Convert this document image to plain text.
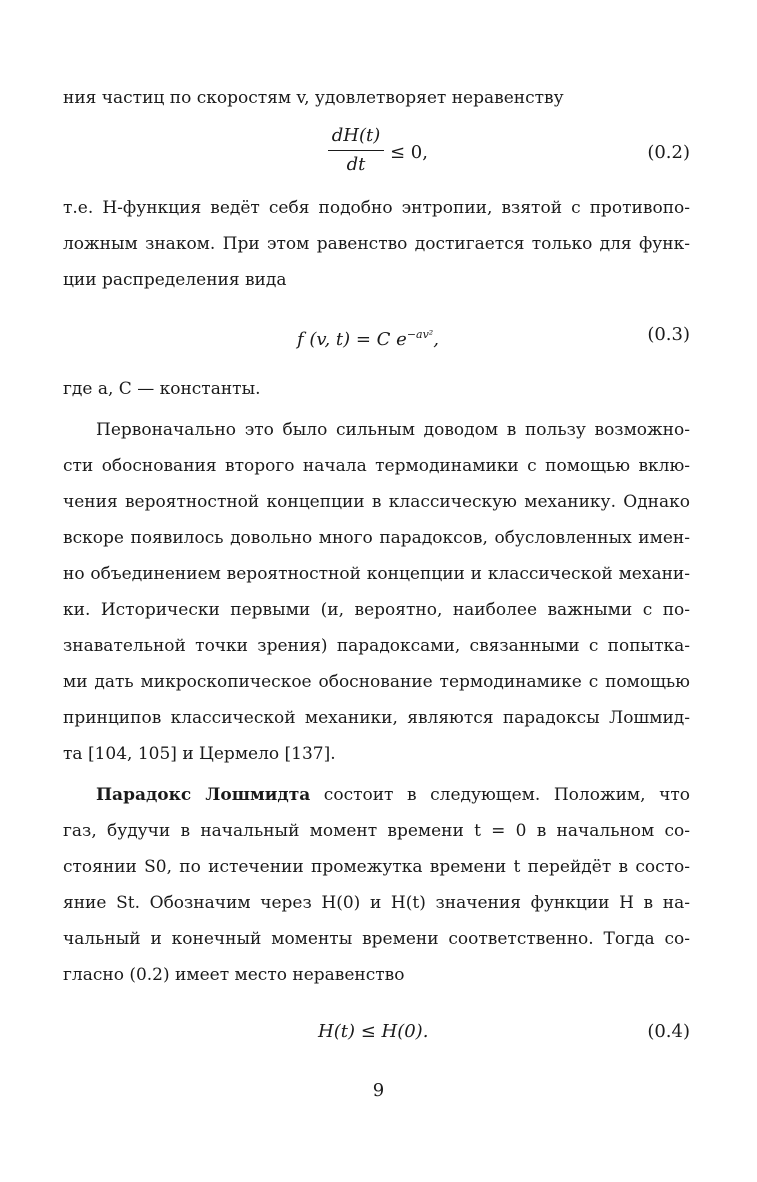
ния частиц по скоростям v, удовлетворяет неравенству
dH(t)
dt
≤ 0,	(0.2)
т.е. H-функция ведёт себя подобно энтропии, взятой с противопо-
ложным знаком. При этом равенство достигается только для функ-
ции распределения вида
f (v, t) = C $e^{-av^2}$,	(0.3)
где a, C — константы.
Первоначально это было сильным доводом в пользу возможно-
сти обоснования второго начала термодинамики с помощью вклю-
чения вероятностной концепции в классическую механику. Однако
вскоре появилось довольно много парадоксов, обусловленных имен-
но объединением вероятностной концепции и классической механи-
ки. Исторически первыми (и, вероятно, наиболее важными с по-
знавательной точки зрения) парадоксами, связанными с попытка-
ми дать микроскопическое обоснование термодинамике с помощью
принципов классической механики, являются парадоксы Лошмид-
та [104, 105] и Цермело [137].
Парадокс Лошмидта состоит в следующем. Положим, что
газ, будучи в начальный момент времени t = 0 в начальном со-
стоянии S0, по истечении промежутка времени t перейдёт в состо-
яние St. Обозначим через H(0) и H(t) значения функции H в на-
чальный и конечный моменты времени соответственно. Тогда со-
гласно (0.2) имеет место неравенство
H(t) ≤ H(0).	(0.4)
9
